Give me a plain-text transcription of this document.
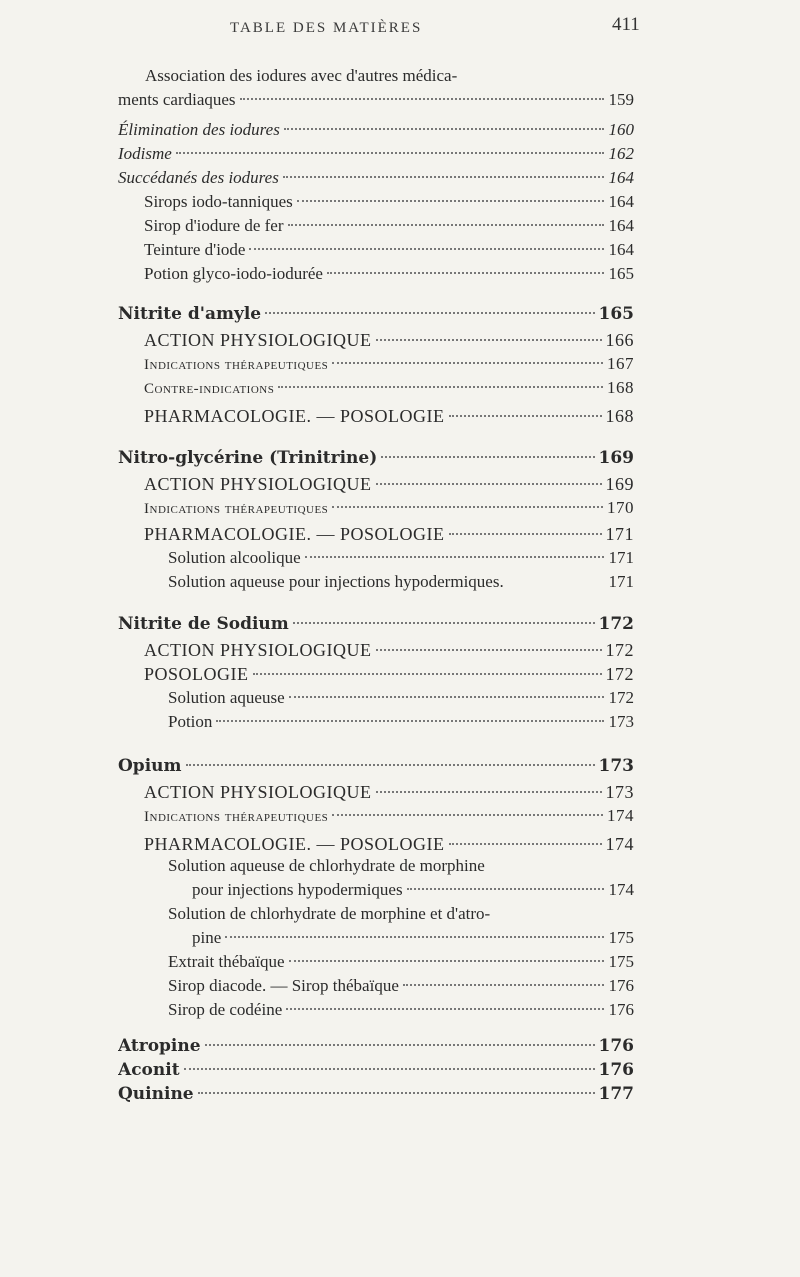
TABLE DES MATIÈRES	411
Association des iodures avec d'autres médica-
ments cardiaques	159
Élimination des iodures	160
Iodisme	162
Succédanés des iodures	164
Sirops iodo-tanniques	164
Sirop d'iodure de fer	164
Teinture d'iode	164
Potion glyco-iodo-iodurée	165
Nitrite d'amyle	165
ACTION PHYSIOLOGIQUE	166
Indications thérapeutiques	167
Contre-indications	168
PHARMACOLOGIE. — POSOLOGIE	168
Nitro-glycérine (Trinitrine)	169
ACTION PHYSIOLOGIQUE	169
Indications thérapeutiques	170
PHARMACOLOGIE. — POSOLOGIE	171
Solution alcoolique	171
Solution aqueuse pour injections hypodermiques.	171
Nitrite de Sodium	172
ACTION PHYSIOLOGIQUE	172
POSOLOGIE	172
Solution aqueuse	172
Potion	173
Opium	173
ACTION PHYSIOLOGIQUE	173
Indications thérapeutiques	174
PHARMACOLOGIE. — POSOLOGIE	174
Solution aqueuse de chlorhydrate de morphine
pour injections hypodermiques	174
Solution de chlorhydrate de morphine et d'atro-
pine	175
Extrait thébaïque	175
Sirop diacode. — Sirop thébaïque	176
Sirop de codéine	176
Atropine	176
Aconit	176
Quinine	177
